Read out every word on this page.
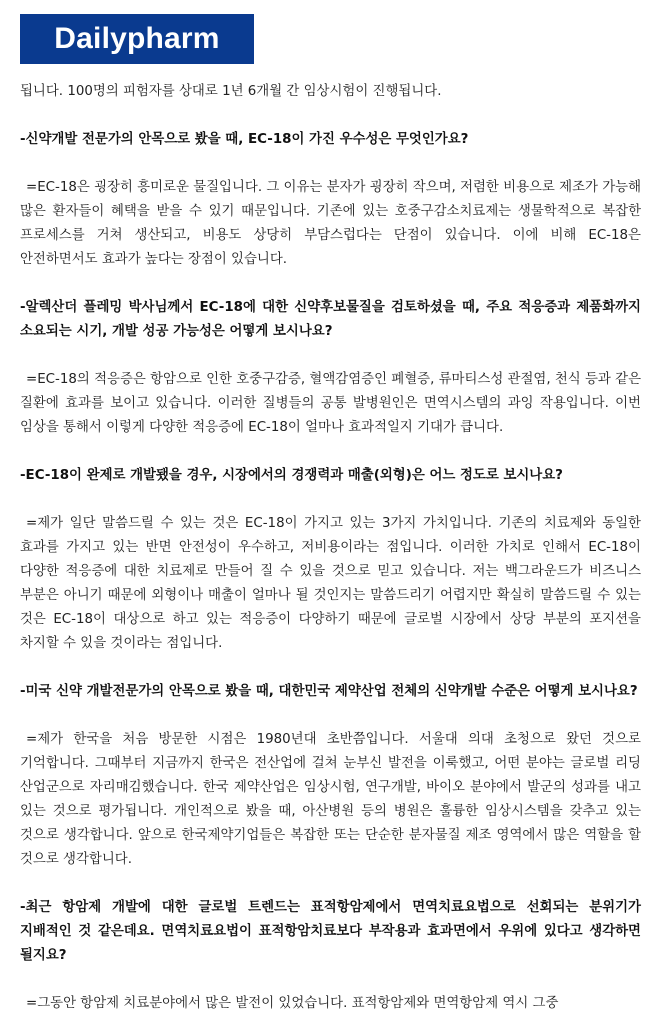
Dailypharm

됩니다. 100명의 피험자를 상대로 1년 6개월 간 임상시험이 진행됩니다.

-신약개발 전문가의 안목으로 봤을 때, EC-18이 가진 우수성은 무엇인가요?

=EC-18은 굉장히 흥미로운 물질입니다. 그 이유는 분자가 굉장히 작으며, 저렴한 비용으로 제조가 가능해 많은 환자들이 혜택을 받을 수 있기 때문입니다. 기존에 있는 호중구감소치료제는 생물학적으로 복잡한 프로세스를 거쳐 생산되고, 비용도 상당히 부담스럽다는 단점이 있습니다. 이에 비해 EC-18은 안전하면서도 효과가 높다는 장점이 있습니다.

-알렉산더 플레밍 박사님께서 EC-18에 대한 신약후보물질을 검토하셨을 때, 주요 적응증과 제품화까지 소요되는 시기, 개발 성공 가능성은 어떻게 보시나요?

=EC-18의 적응증은 항암으로 인한 호중구감증, 혈액감염증인 폐혈증, 류마티스성 관절염, 천식 등과 같은 질환에 효과를 보이고 있습니다. 이러한 질병들의 공통 발병원인은 면역시스템의 과잉 작용입니다. 이번 임상을 통해서 이렇게 다양한 적응증에 EC-18이 얼마나 효과적일지 기대가 큽니다.

-EC-18이 완제로 개발됐을 경우, 시장에서의 경쟁력과 매출(외형)은 어느 정도로 보시나요?

=제가 일단 말씀드릴 수 있는 것은 EC-18이 가지고 있는 3가지 가치입니다. 기존의 치료제와 동일한 효과를 가지고 있는 반면 안전성이 우수하고, 저비용이라는 점입니다. 이러한 가치로 인해서 EC-18이 다양한 적응증에 대한 치료제로 만들어 질 수 있을 것으로 믿고 있습니다. 저는 백그라운드가 비즈니스 부분은 아니기 때문에 외형이나 매출이 얼마나 될 것인지는 말씀드리기 어렵지만 확실히 말씀드릴 수 있는 것은 EC-18이 대상으로 하고 있는 적응증이 다양하기 때문에 글로벌 시장에서 상당 부분의 포지션을 차지할 수 있을 것이라는 점입니다.

-미국 신약 개발전문가의 안목으로 봤을 때, 대한민국 제약산업 전체의 신약개발 수준은 어떻게 보시나요?

=제가 한국을 처음 방문한 시점은 1980년대 초반쯤입니다. 서울대 의대 초청으로 왔던 것으로 기억합니다. 그때부터 지금까지 한국은 전산업에 걸쳐 눈부신 발전을 이룩했고, 어떤 분야는 글로벌 리딩 산업군으로 자리매김했습니다. 한국 제약산업은 임상시험, 연구개발, 바이오 분야에서 발군의 성과를 내고 있는 것으로 평가됩니다. 개인적으로 봤을 때, 아산병원 등의 병원은 훌륭한 임상시스템을 갖추고 있는 것으로 생각합니다. 앞으로 한국제약기업들은 복잡한 또는 단순한 분자물질 제조 영역에서 많은 역할을 할 것으로 생각합니다.

-최근 항암제 개발에 대한 글로벌 트렌드는 표적항암제에서 면역치료요법으로 선회되는 분위기가 지배적인 것 같은데요. 면역치료요법이 표적항암치료보다 부작용과 효과면에서 우위에 있다고 생각하면 될지요?

=그동안 항암제 치료분야에서 많은 발전이 있었습니다. 표적항암제와 면역항암제 역시 그중
